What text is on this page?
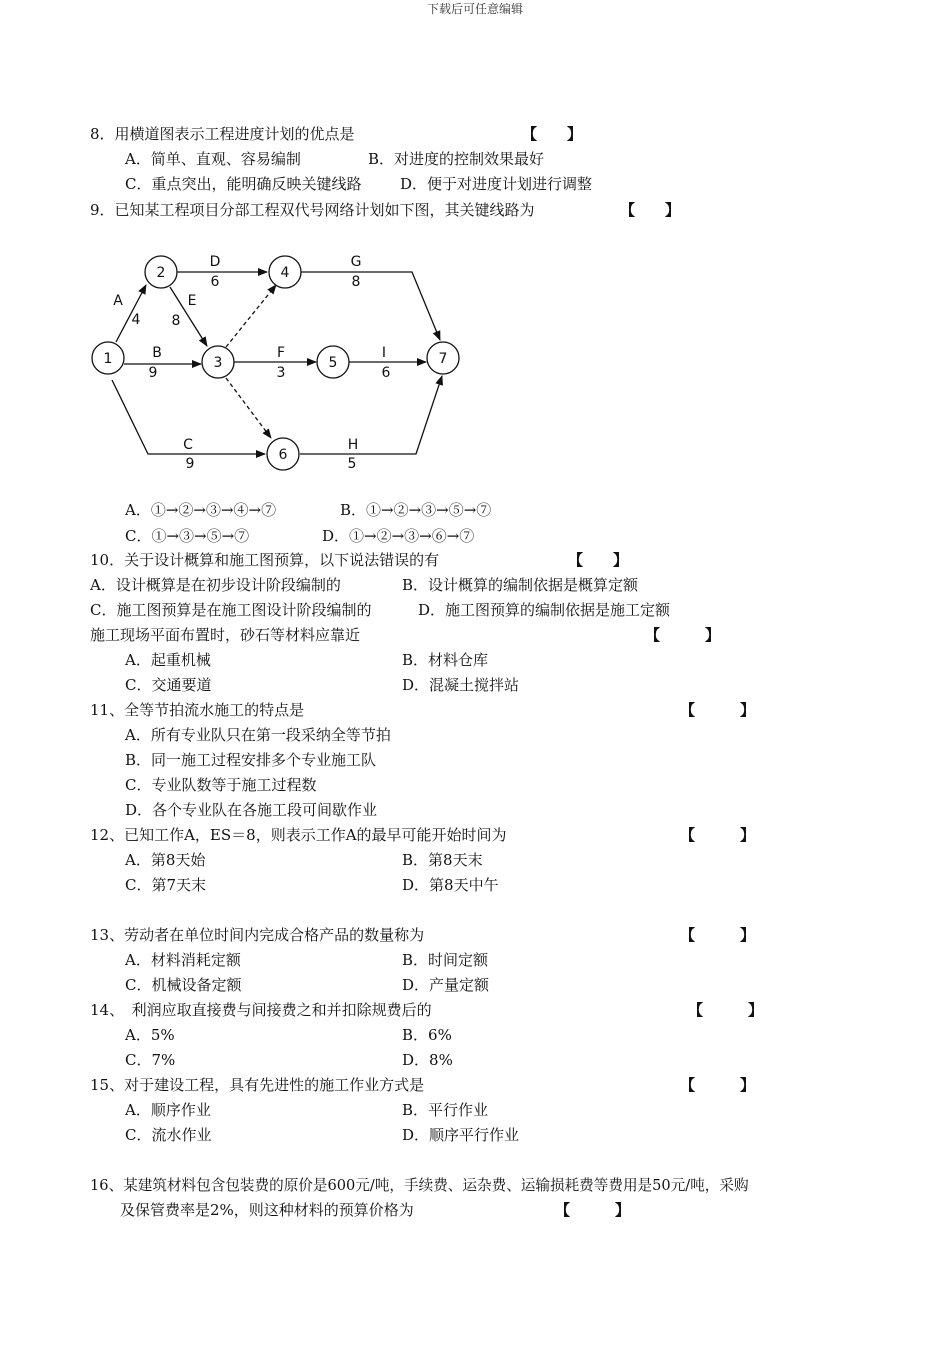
下载后可任意编辑
8．用横道图表示工程进度计划的优点是	【　　】
A．简单、直观、容易编制	B．对进度的控制效果最好
C．重点突出，能明确反映关键线路	D．便于对进度计划进行调整
9．已知某工程项目分部工程双代号网络计划如下图，其关键线路为	【　　】
1
2
3
4
5
6
7
A
4
B
9
C
9
D
6
E
8
F
3
G
8
H
5
I
6
A．①→②→③→④→⑦	B．①→②→③→⑤→⑦
C．①→③→⑤→⑦	D．①→②→③→⑥→⑦
10．关于设计概算和施工图预算，以下说法错误的有	【　　】
A．设计概算是在初步设计阶段编制的	B．设计概算的编制依据是概算定额
C．施工图预算是在施工图设计阶段编制的	D．施工图预算的编制依据是施工定额
施工现场平面布置时，砂石等材料应靠近	【　　　】
A．起重机械	B．材料仓库
C．交通要道	D．混凝土搅拌站
11、全等节拍流水施工的特点是	【　　　】
A．所有专业队只在第一段采纳全等节拍
B．同一施工过程安排多个专业施工队
C．专业队数等于施工过程数
D．各个专业队在各施工段可间歇作业
12、已知工作A，ES＝8，则表示工作A的最早可能开始时间为	【　　　】
A．第8天始	B．第8天末
C．第7天末	D．第8天中午
13、劳动者在单位时间内完成合格产品的数量称为	【　　　】
A．材料消耗定额	B．时间定额
C．机械设备定额	D．产量定额
14、　利润应取直接费与间接费之和并扣除规费后的	【　　　】
A．5%	B．6%
C．7%	D．8%
15、对于建设工程，具有先进性的施工作业方式是	【　　　】
A．顺序作业	B．平行作业
C．流水作业	D．顺序平行作业
16、某建筑材料包含包装费的原价是600元/吨，手续费、运杂费、运输损耗费等费用是50元/吨，采购
及保管费率是2%，则这种材料的预算价格为	【　　　】
